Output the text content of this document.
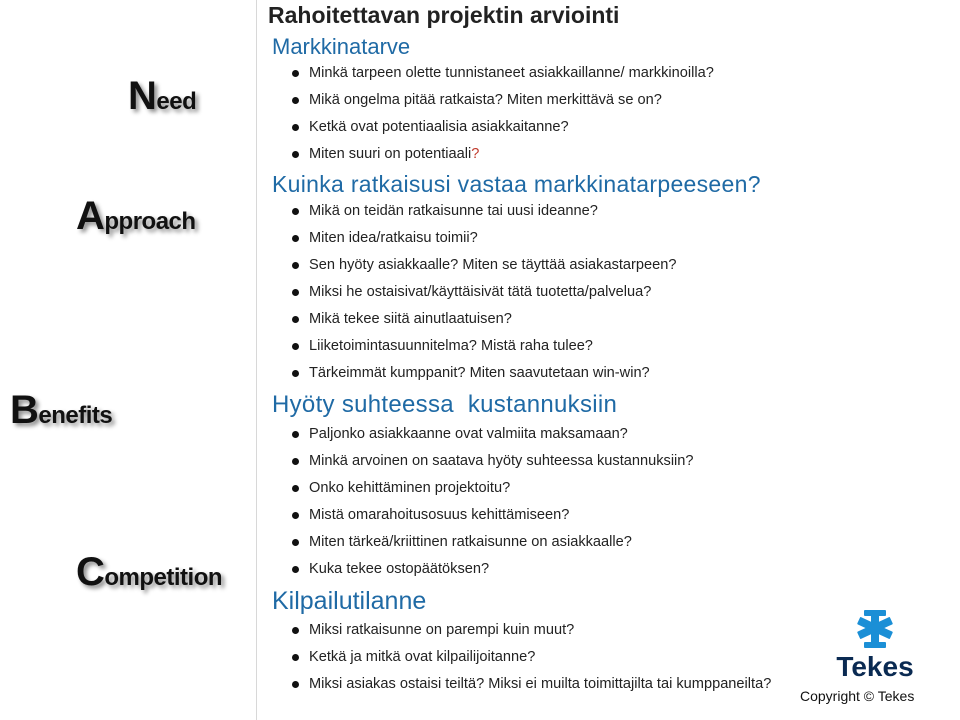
Rahoitettavan projektin arviointi
Need
Approach
Benefits
Competition
Markkinatarve
Minkä tarpeen olette tunnistaneet asiakkaillanne/ markkinoilla?
Mikä ongelma pitää ratkaista? Miten merkittävä se on?
Ketkä ovat potentiaalisia asiakkaitanne?
Miten suuri on potentiaali?
Kuinka ratkaisusi vastaa markkinatarpeeseen?
Mikä on teidän ratkaisunne tai uusi ideanne?
Miten idea/ratkaisu toimii?
Sen hyöty asiakkaalle? Miten se täyttää asiakastarpeen?
Miksi he ostaisivat/käyttäisivät tätä tuotetta/palvelua?
Mikä tekee siitä ainutlaatuisen?
Liiketoimintasuunnitelma? Mistä raha tulee?
Tärkeimmät kumppanit? Miten saavutetaan win-win?
Hyöty suhteessa  kustannuksiin
Paljonko asiakkaanne ovat valmiita maksamaan?
Minkä arvoinen on saatava hyöty suhteessa kustannuksiin?
Onko kehittäminen projektoitu?
Mistä omarahoitusosuus kehittämiseen?
Miten tärkeä/kriittinen ratkaisunne on asiakkaalle?
Kuka tekee ostopäätöksen?
Kilpailutilanne
Miksi ratkaisunne on parempi kuin muut?
Ketkä ja mitkä ovat kilpailijoitanne?
Miksi asiakas ostaisi teiltä? Miksi ei muilta toimittajilta tai kumppaneilta?
Tekes
Copyright © Tekes
